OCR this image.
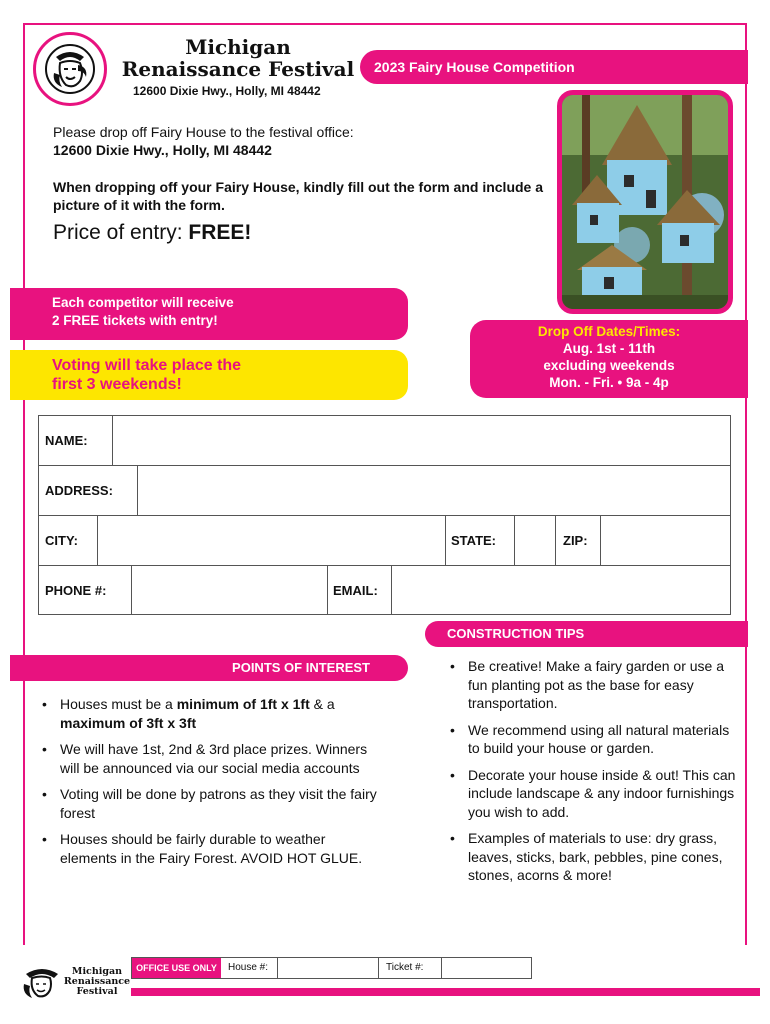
Michigan
Renaissance Festival
12600 Dixie Hwy., Holly, MI 48442
2023 Fairy House Competition
Please drop off Fairy House to the festival office:
12600 Dixie Hwy., Holly, MI 48442
When dropping off your Fairy House, kindly fill out the form and include a picture of it with the form.
Price of entry: FREE!
Each competitor will receive
2 FREE tickets with entry!
Voting will take place the
first 3 weekends!
Drop Off Dates/Times:
Aug. 1st - 11th
excluding weekends
Mon. - Fri. • 9a - 4p
NAME:
ADDRESS:
CITY:	STATE:	ZIP:
PHONE #:	EMAIL:
CONSTRUCTION TIPS
POINTS OF INTEREST
• Houses must be a minimum of 1ft x 1ft & a maximum of 3ft x 3ft
• We will have 1st, 2nd & 3rd place prizes. Winners will be announced via our social media accounts
• Voting will be done by patrons as they visit the fairy forest
• Houses should be fairly durable to weather elements in the Fairy Forest. AVOID HOT GLUE.
• Be creative! Make a fairy garden or use a fun planting pot as the base for easy transportation.
• We recommend using all natural materials to build your house or garden.
• Decorate your house inside & out! This can include landscape & any indoor furnishings you wish to add.
• Examples of materials to use: dry grass, leaves, sticks, bark, pebbles, pine cones, stones, acorns & more!
Michigan
Renaissance
Festival
OFFICE USE ONLY	House #:	Ticket #:
